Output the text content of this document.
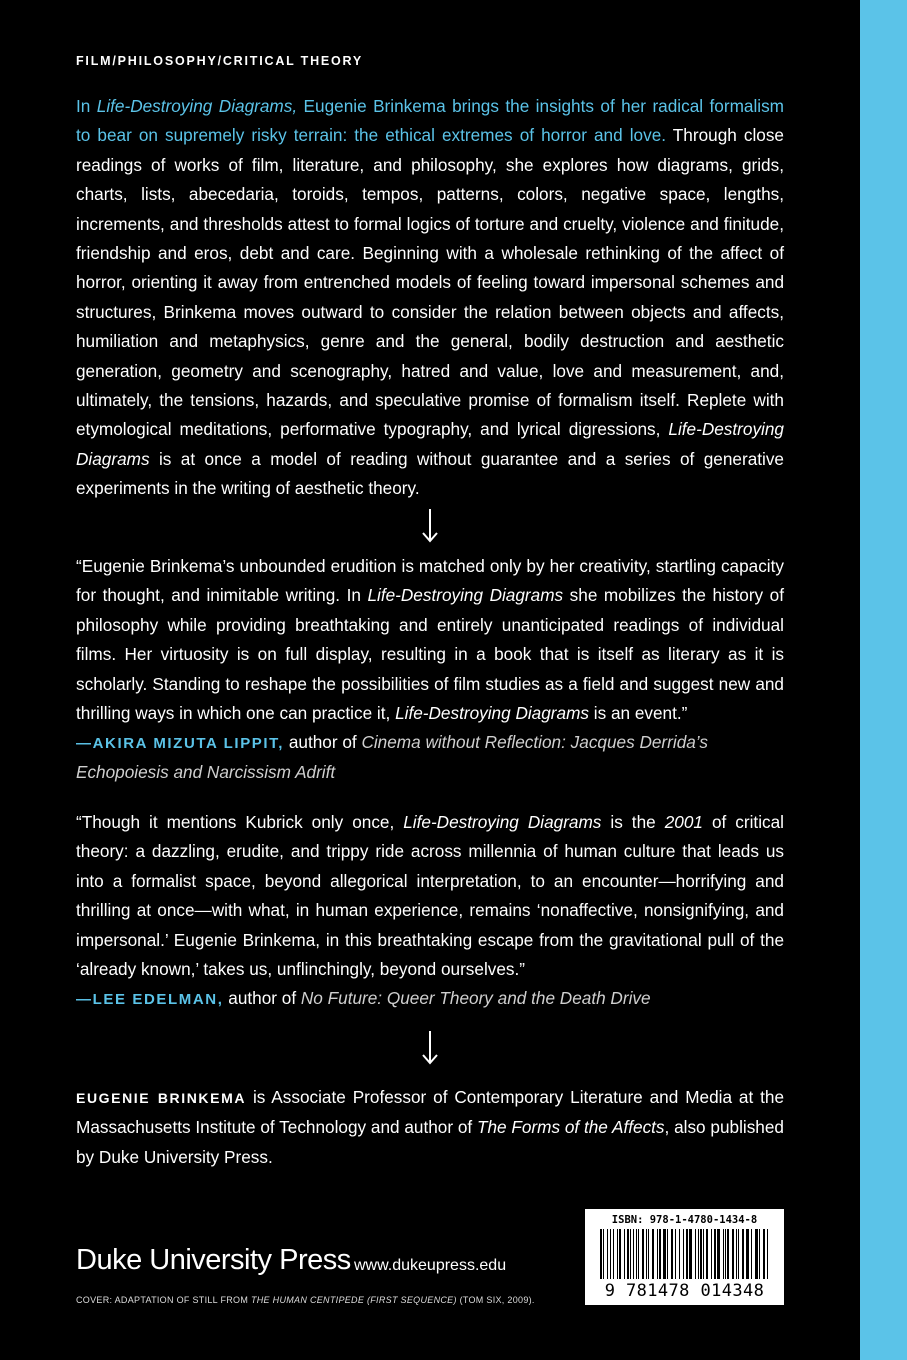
FILM/PHILOSOPHY/CRITICAL THEORY

In Life-Destroying Diagrams, Eugenie Brinkema brings the insights of her radical formalism to bear on supremely risky terrain: the ethical extremes of horror and love. Through close readings of works of film, literature, and philosophy, she explores how diagrams, grids, charts, lists, abecedaria, toroids, tempos, patterns, colors, negative space, lengths, increments, and thresholds attest to formal logics of torture and cruelty, violence and finitude, friendship and eros, debt and care. Beginning with a wholesale rethinking of the affect of horror, orienting it away from entrenched models of feeling toward impersonal schemes and structures, Brinkema moves outward to consider the relation between objects and affects, humiliation and metaphysics, genre and the general, bodily destruction and aesthetic generation, geometry and scenography, hatred and value, love and measurement, and, ultimately, the tensions, hazards, and speculative promise of formalism itself. Replete with etymological meditations, performative typography, and lyrical digressions, Life-Destroying Diagrams is at once a model of reading without guarantee and a series of generative experiments in the writing of aesthetic theory.

“Eugenie Brinkema’s unbounded erudition is matched only by her creativity, startling capacity for thought, and inimitable writing. In Life-Destroying Diagrams she mobilizes the history of philosophy while providing breathtaking and entirely unanticipated readings of individual films. Her virtuosity is on full display, resulting in a book that is itself as literary as it is scholarly. Standing to reshape the possibilities of film studies as a field and suggest new and thrilling ways in which one can practice it, Life-Destroying Diagrams is an event.”

—AKIRA MIZUTA LIPPIT, author of Cinema without Reflection: Jacques Derrida’s Echopoiesis and Narcissism Adrift

“Though it mentions Kubrick only once, Life-Destroying Diagrams is the 2001 of critical theory: a dazzling, erudite, and trippy ride across millennia of human culture that leads us into a formalist space, beyond allegorical interpretation, to an encounter—horrifying and thrilling at once—with what, in human experience, remains ‘nonaffective, nonsignifying, and impersonal.’ Eugenie Brinkema, in this breathtaking escape from the gravitational pull of the ‘already known,’ takes us, unflinchingly, beyond ourselves.”

—LEE EDELMAN, author of No Future: Queer Theory and the Death Drive

EUGENIE BRINKEMA is Associate Professor of Contemporary Literature and Media at the Massachusetts Institute of Technology and author of The Forms of the Affects, also published by Duke University Press.

Duke University Press www.dukeupress.edu
COVER: ADAPTATION OF STILL FROM THE HUMAN CENTIPEDE (FIRST SEQUENCE) (TOM SIX, 2009).
ISBN: 978-1-4780-1434-8
9 781478 014348
